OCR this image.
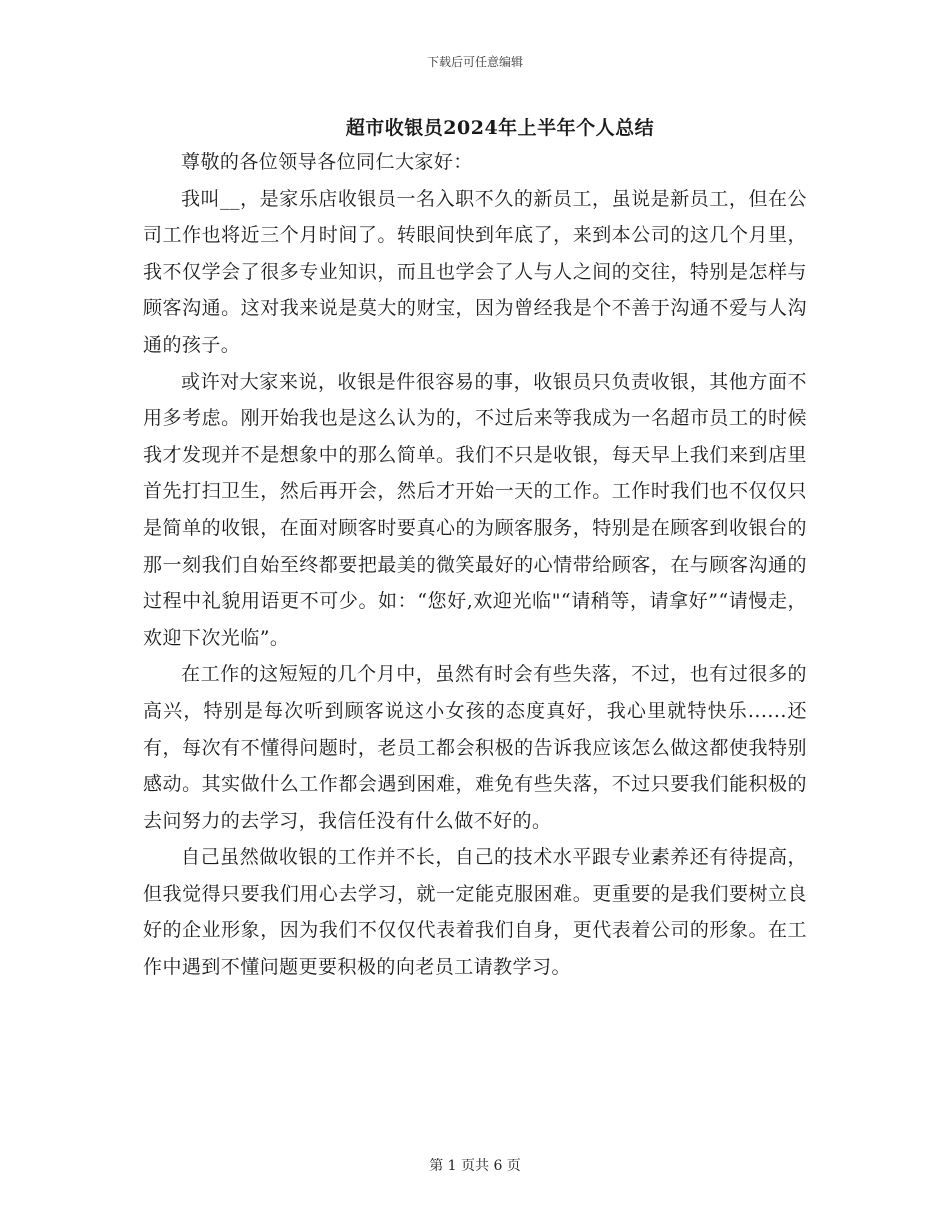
下载后可任意编辑
超市收银员2024年上半年个人总结

尊敬的各位领导各位同仁大家好：

我叫__，是家乐店收银员一名入职不久的新员工，虽说是新员工，但在公司工作也将近三个月时间了。转眼间快到年底了，来到本公司的这几个月里，我不仅学会了很多专业知识，而且也学会了人与人之间的交往，特别是怎样与顾客沟通。这对我来说是莫大的财宝，因为曾经我是个不善于沟通不爱与人沟通的孩子。

或许对大家来说，收银是件很容易的事，收银员只负责收银，其他方面不用多考虑。刚开始我也是这么认为的，不过后来等我成为一名超市员工的时候我才发现并不是想象中的那么简单。我们不只是收银，每天早上我们来到店里首先打扫卫生，然后再开会，然后才开始一天的工作。工作时我们也不仅仅只是简单的收银，在面对顾客时要真心的为顾客服务，特别是在顾客到收银台的那一刻我们自始至终都要把最美的微笑最好的心情带给顾客，在与顾客沟通的过程中礼貌用语更不可少。如：“您好,欢迎光临"“请稍等，请拿好”“请慢走，欢迎下次光临”。

在工作的这短短的几个月中，虽然有时会有些失落，不过，也有过很多的高兴，特别是每次听到顾客说这小女孩的态度真好，我心里就特快乐......还有，每次有不懂得问题时，老员工都会积极的告诉我应该怎么做这都使我特别感动。其实做什么工作都会遇到困难，难免有些失落，不过只要我们能积极的去问努力的去学习，我信任没有什么做不好的。

自己虽然做收银的工作并不长，自己的技术水平跟专业素养还有待提高，但我觉得只要我们用心去学习，就一定能克服困难。更重要的是我们要树立良好的企业形象，因为我们不仅仅代表着我们自身，更代表着公司的形象。在工作中遇到不懂问题更要积极的向老员工请教学习。

第 1 页共 6 页
